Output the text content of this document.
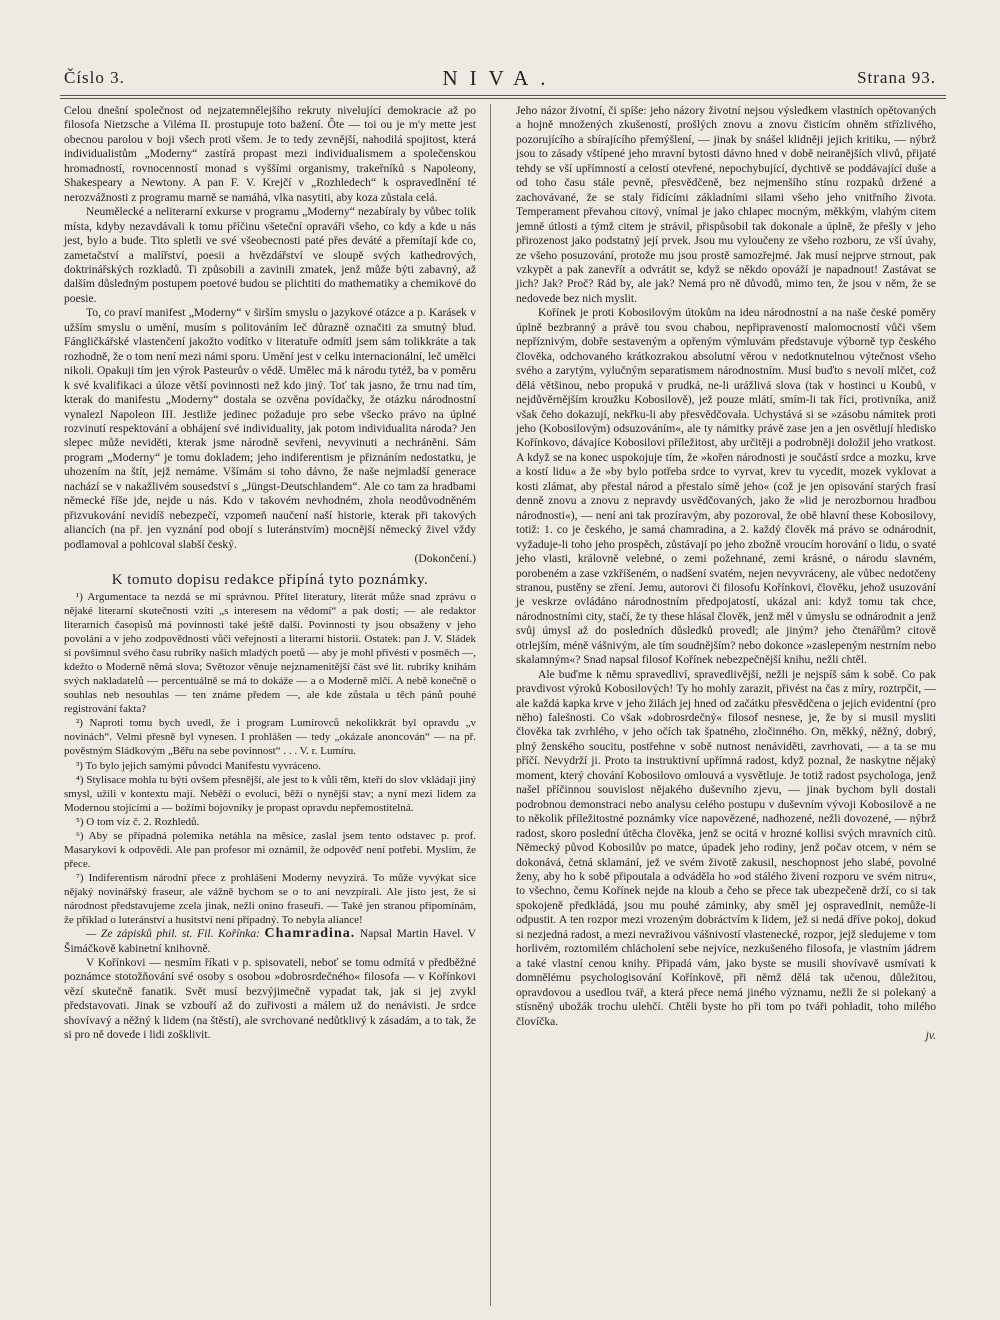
Číslo 3.	NIVA.	Strana 93.

Celou dnešní společnost od nejzatemnělejšího rekruty nivelující demokracie až po filosofa Nietzsche a Viléma II. prostupuje toto bažení. Ôte — toi ou je m'y mette jest obecnou parolou v boji všech proti všem. Je to tedy zevnější, nahodilá spojitost, která individualistům „Moderny“ zastírá propast mezi individualismem a společenskou hromadností, rovnocenností monad s vyššími organismy, trakeřníků s Napoleony, Shakespeary a Newtony. A pan F. V. Krejčí v „Rozhledech“ k ospravedlnění té nerozvážnosti z programu marně se namáhá, vlka nasytiti, aby koza zůstala celá.

Neumělecké a neliterarní exkurse v programu „Moderny“ nezabíraly by vůbec tolik místa, kdyby nezavdávali k tomu příčinu všeteční opraváři všeho, co kdy a kde u nás jest, bylo a bude. Tito spletli ve své všeobecnosti paté přes deváté a přemítají kde co, zametačství a malířství, poesii a hvězdářství ve sloupě svých kathedrových, doktrinářských rozkladů. Ti způsobili a zavinili zmatek, jenž může býti zabavný, až dalším důsledným postupem poetové budou se plichtiti do mathematiky a chemikové do poesie.

To, co praví manifest „Moderny“ v širším smyslu o jazykové otázce a p. Karásek v užším smyslu o umění, musím s politováním leč důrazně označiti za smutný blud. Fángličkářské vlastenčení jakožto vodítko v literatuře odmítl jsem sám tolikkráte a tak rozhodně, že o tom není mezi námi sporu. Umění jest v celku internacionální, leč umělci nikoli. Opakuji tím jen výrok Pasteurův o vědě. Umělec má k národu tytéž, ba v poměru k své kvalifikaci a úloze větší povinnosti než kdo jiný. Toť tak jasno, že trnu nad tím, kterak do manifestu „Moderny“ dostala se ozvěna povídačky, že otázku národnostní vynalezl Napoleon III. Jestliže jedinec požaduje pro sebe všecko právo na úplné rozvinutí respektování a obhájení své individuality, jak potom individualita národa? Jen slepec může neviděti, kterak jsme národně sevřeni, nevyvinuti a nechráněni. Sám program „Moderny“ je tomu dokladem; jeho indiferentism je přiznáním nedostatku, je uhozením na štít, jejž nemáme. Všímám si toho dávno, že naše nejmladší generace nachází se v nakažlivém sousedství s „Jüngst-Deutschlandem“. Ale co tam za hradbami německé říše jde, nejde u nás. Kdo v takovém nevhodném, zhola neodůvodněném přizvukování nevidíš nebezpečí, vzpomeň naučení naší historie, kterak při takových aliancích (na př. jen vyznání pod obojí s luteránstvím) mocnější německý živel vždy podlamoval a pohlcoval slabší český.

(Dokončení.)
K tomuto dopisu redakce připíná tyto poznámky.

¹) Argumentace ta nezdá se mi správnou. Přítel literatury, literát může snad zprávu o nějaké literarní skutečnosti vzíti „s interesem na vědomí“ a pak dosti; — ale redaktor literarních časopisů má povinnosti také ještě další. Povinnosti ty jsou obsaženy v jeho povolání a v jeho zodpovědnosti vůči veřejnosti a literarní historii. Ostatek: pan J. V. Sládek si povšimnul svého času rubriky našich mladých poetů — aby je mohl přivésti v posměch —, kdežto o Moderně němá slova; Světozor věnuje nejznamenitější část své lit. rubriky knihám svých nakladatelů — percentuálně se má to dokáže — a o Moderně mlčí. A nebě konečně o souhlas neb nesouhlas — ten známe předem —, ale kde zůstala u těch pánů pouhé registrování fakta?

²) Naproti tomu bych uvedl, že i program Lumírovců nekolikkrát byl opravdu „v novinách“. Velmi přesně byl vynesen. I prohlášen — tedy „okázale anoncován“ — na př. pověstným Sládkovým „Běřu na sebe povinnost“ . . . V. r. Lumíru.

³) To bylo jejich samými původci Manifestu vyvráceno.

⁴) Stylisace mohla tu býti ovšem přesnější, ale jest to k vůli těm, kteří do slov vkládají jiný smysl, užili v kontextu mají. Neběží o evoluci, běží o nynější stav; a nyní mezi lidem za Modernou stojícími a — božími bojovníky je propast opravdu nepřemostitelná.

⁵) O tom viz č. 2. Rozhledů.

⁶) Aby se případná polemika netáhla na měsíce, zaslal jsem tento odstavec p. prof. Masarykovi k odpovědi. Ale pan profesor mi oznámil, že odpověď není potřebí. Myslím, že přece.

⁷) Indiferentism národní přece z prohlášení Moderny nevyzírá. To může vyvýkat sice nějaký novinářský fraseur, ale vážně bychom se o to ani nevzpírali. Ale jisto jest, že si národnost představujeme zcela jinak, nežli onino fraseuři. — Také jen stranou připomínám, že příklad o luteránství a husitství není případný. To nebyla aliance!

— Ze zápisků phil. st. Fil. Kořínka: Chamradina. Napsal Martin Havel. V Šimáčkově kabinetní knihovně.

V Kořínkovi — nesmím říkati v p. spisovateli, neboť se tomu odmítá v předběžné poznámce stotožňování své osoby s osobou »dobrosrdečného« filosofa — v Kořínkovi vězí skutečně fanatik. Svět musí bezvýjimečně vypadat tak, jak si jej zvykl představovati. Jinak se vzbouří až do zuřivosti a málem už do nenávisti. Je srdce shovívavý a něžný k lidem (na štěstí), ale svrchované nedůtklivý k zásadám, a to tak, že si pro ně dovede i lidi zošklivit.

Jeho názor životní, či spíše: jeho názory životní nejsou výsledkem vlastních opětovaných a hojně množených zkušeností, prošlých znovu a znovu čisticím ohněm střízlivého, pozorujícího a sbírajícího přemýšlení, — jinak by snášel klidněji jejich kritiku, — nýbrž jsou to zásady vštípené jeho mravní bytosti dávno hned v době neiranějších vlivů, přijaté tehdy se vší upřímností a celostí otevřené, nepochybující, dychtivě se poddávající duše a od toho času stále pevně, přesvědčeně, bez nejmenšího stínu rozpaků držené a zachovávané, že se staly řídícími základními silami všeho jeho vnitřního života. Temperament převahou citový, vnímal je jako chlapec mocným, měkkým, vlahým citem jemně útlosti a týmž citem je strávil, přispůsobil tak dokonale a úplně, že přešly v jeho přirozenost jako podstatný její prvek. Jsou mu vyloučeny ze všeho rozboru, ze vší úvahy, ze všeho posuzování, protože mu jsou prostě samozřejmé. Jak musí nejprve strnout, pak vzkypět a pak zanevřít a odvrátit se, když se někdo opováží je napadnout! Zastávat se jich? Jak? Proč? Rád by, ale jak? Nemá pro ně důvodů, mimo ten, že jsou v něm, že se nedovede bez nich myslit.

Kořínek je proti Kobosilovým útokům na ideu národnostní a na naše české poměry úplně bezbranný a právě tou svou chabou, nepřipraveností malomocností vůči všem nepříznivým, dobře sestaveným a opřeným výmluvám představuje výborně typ českého člověka, odchovaného krátkozrakou absolutní věrou v nedotknutelnou výtečnost všeho svého a zarytým, vylučným separatismem národnostním. Musí buďto s nevolí mlčet, což dělá většinou, nebo propuká v prudká, ne-li urážlivá slova (tak v hostinci u Koubů, v nejdůvěrnějším kroužku Kobosilově), jež pouze mlátí, smím-li tak říci, protivníka, aniž však čeho dokazují, nekřku-li aby přesvědčovala. Uchystává si se »zásobu námitek proti jeho (Kobosilovým) odsuzováním«, ale ty námitky právě zase jen a jen osvětlují hledisko Kořínkovo, dávajíce Kobosilovi příležitost, aby určitěji a podrobněji doložil jeho vratkost. A když se na konec uspokojuje tím, že »kořen národnosti je součástí srdce a mozku, krve a kostí lidu« a že »by bylo potřeba srdce to vyrvat, krev tu vycedit, mozek vyklovat a kosti zlámat, aby přestal národ a přestalo símě jeho« (což je jen opisování starých frasí denně znovu a znovu z nepravdy usvědčovaných, jako že »lid je nerozbornou hradbou národnosti«), — není ani tak prozíravým, aby pozoroval, že obě hlavní these Kobosilovy, totiž: 1. co je českého, je samá chamradina, a 2. každý člověk má právo se odnárodnit, vyžaduje-li toho jeho prospěch, zůstávají po jeho zbožně vroucím horování o lidu, o svaté jeho vlasti, královně velebné, o zemi požehnané, zemi krásné, o národu slavném, porobeném a zase vzkříšeném, o nadšení svatém, nejen nevyvráceny, ale vůbec nedotčeny stranou, pustěny se zření. Jemu, autorovi či filosofu Kořínkovi, člověku, jehož usuzování je veskrze ovládáno národnostním předpojatostí, ukázal ani: když tomu tak chce, národnostními city, stačí, že ty these hlásal člověk, jenž měl v úmyslu se odnárodnit a jenž svůj úmysl až do posledních důsledků provedl; ale jiným? jeho čtenářům? citově otrlejším, méně vášnivým, ale tím soudnějším? nebo dokonce »zaslepeným nestrním nebo skalamným«? Snad napsal filosof Kořínek nebezpečnější knihu, nežli chtěl.

Ale buďme k němu spravedliví, spravedlivější, nežli je nejspíš sám k sobě. Co pak pravdivost výroků Kobosilových! Ty ho mohly zarazit, přivést na čas z míry, roztrpčit, — ale každá kapka krve v jeho žilách jej hned od začátku přesvědčena o jejich evidentní (pro něho) falešnosti. Co však »dobrosrdečný« filosof nesnese, je, že by si musil mysliti člověka tak zvrhlého, v jeho očích tak špatného, zločinného. On, měkký, něžný, dobrý, plný ženského soucitu, postřehne v sobě nutnost nenáviděti, zavrhovati, — a ta se mu příčí. Nevydrží ji. Proto ta instruktivní upřímná radost, když poznal, že naskytne nějaký moment, který chování Kobosilovo omlouvá a vysvětluje. Je totiž radost psychologa, jenž našel příčinnou souvislost nějakého duševního zjevu, — jinak bychom byli dostali podrobnou demonstraci nebo analysu celého postupu v duševním vývoji Kobosilově a ne to několik příležitostné poznámky více napovězené, nadhozené, nežli dovozené, — nýbrž radost, skoro poslední útěcha člověka, jenž se ocitá v hrozné kollisi svých mravních citů. Německý původ Kobosilův po matce, úpadek jeho rodiny, jenž počav otcem, v ném se dokonává, četná sklamání, jež ve svém životě zakusil, neschopnost jeho slabé, povolné ženy, aby ho k sobě připoutala a odváděla ho »od stálého živení rozporu ve svém nitru«, to všechno, čemu Kořínek nejde na kloub a čeho se přece tak ubezpečeně drží, co si tak spokojeně předkládá, jsou mu pouhé záminky, aby směl jej ospravedlnit, nemůže-li odpustit. A ten rozpor mezi vrozeným dobráctvím k lidem, jež si nedá dříve pokoj, dokud si nezjedná radost, a mezi nevraživou vášnivostí vlastenecké, rozpor, jejž sledujeme v tom horlivém, roztomilém chlácholení sebe nejvíce, nezkušeného filosofa, je vlastním jádrem a také vlastní cenou knihy. Připadá vám, jako byste se musili shovívavě usmívati k domnělému psychologisování Kořínkově, při němž dělá tak učenou, důležitou, opravdovou a usedlou tvář, a která přece nemá jiného významu, nežli že si polekaný a stísněný ubožák trochu ulehčí. Chtěli byste ho při tom po tváři pohladit, toho milého človíčka.

jv.
